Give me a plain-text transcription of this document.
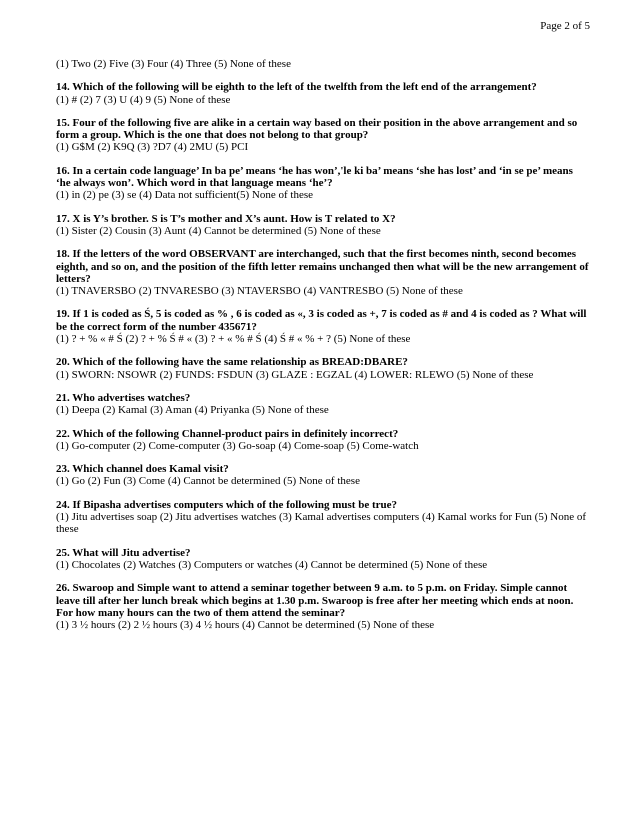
Page 2 of 5
(1) Two (2) Five (3) Four (4) Three (5) None of these
14. Which of the following will be eighth to the left of the twelfth from the left end of the arrangement?
(1) # (2) 7 (3) U (4) 9 (5) None of these
15. Four of the following five are alike in a certain way based on their position in the above arrangement and so form a group. Which is the one that does not belong to that group?
(1) G$M (2) K9Q (3) ?D7 (4) 2MU (5) PCI
16. In a certain code language’ In ba pe’ means ‘he has won’,'le ki ba’ means ‘she has lost’ and ‘in se pe’ means ‘he always won’. Which word in that language means ‘he’?
(1) in (2) pe (3) se (4) Data not sufficient(5) None of these
17. X is Y’s brother. S is T’s mother and X’s aunt. How is T related to X?
(1) Sister (2) Cousin (3) Aunt (4) Cannot be determined (5) None of these
18. If the letters of the word OBSERVANT are interchanged, such that the first becomes ninth, second becomes eighth, and so on, and the position of the fifth letter remains unchanged then what will be the new arrangement of letters?
(1) TNAVERSBO (2) TNVARESBO (3) NTAVERSBO (4) VANTRESBO (5) None of these
19. If 1 is coded as Ś, 5 is coded as % , 6 is coded as «, 3 is coded as +, 7 is coded as # and 4 is coded as ? What will be the correct form of the number 435671?
(1) ? + % « # Ś (2) ? + % Ś # « (3) ? + « % # Ś (4) Ś # « % + ? (5) None of these
20. Which of the following have the same relationship as BREAD:DBARE?
(1) SWORN: NSOWR (2) FUNDS: FSDUN (3) GLAZE : EGZAL (4) LOWER: RLEWO (5) None of these
21. Who advertises watches?
(1) Deepa (2) Kamal (3) Aman (4) Priyanka (5) None of these
22. Which of the following Channel-product pairs in definitely incorrect?
(1) Go-computer (2) Come-computer (3) Go-soap (4) Come-soap (5) Come-watch
23. Which channel does Kamal visit?
(1) Go (2) Fun (3) Come (4) Cannot be determined (5) None of these
24. If Bipasha advertises computers which of the following must be true?
(1) Jitu advertises soap (2) Jitu advertises watches (3) Kamal advertises computers (4) Kamal works for Fun (5) None of these
25. What will Jitu advertise?
(1) Chocolates (2) Watches (3) Computers or watches (4) Cannot be determined (5) None of these
26. Swaroop and Simple want to attend a seminar together between 9 a.m. to 5 p.m. on Friday. Simple cannot leave till after her lunch break which begins at 1.30 p.m. Swaroop is free after her meeting which ends at noon. For how many hours can the two of them attend the seminar?
(1) 3 ½ hours (2) 2 ½ hours (3) 4 ½ hours (4) Cannot be determined (5) None of these
